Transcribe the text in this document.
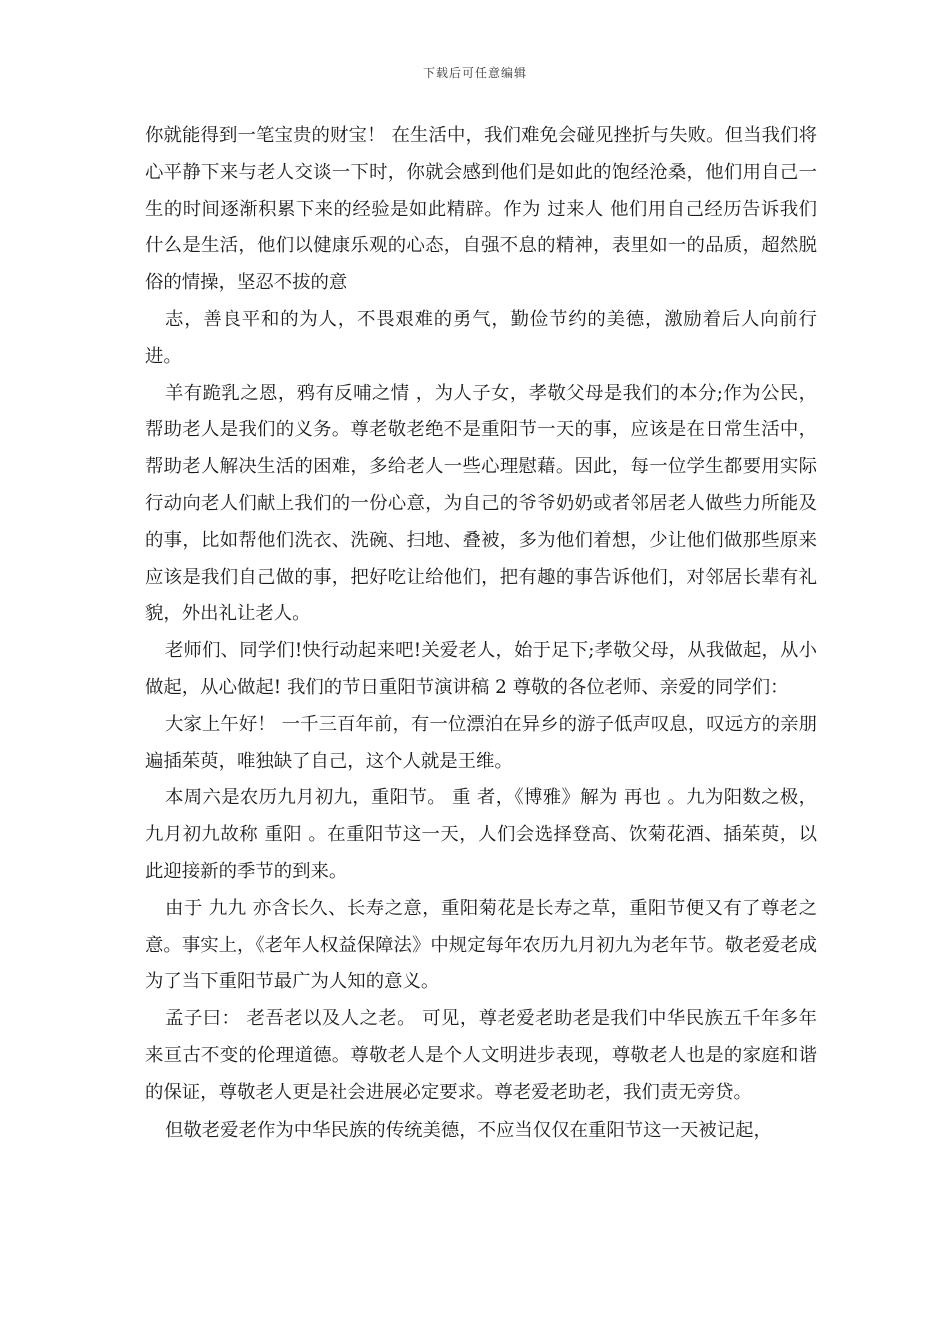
下载后可任意编辑

你就能得到一笔宝贵的财宝！ 在生活中，我们难免会碰见挫折与失败。但当我们将心平静下来与老人交谈一下时，你就会感到他们是如此的饱经沧桑，他们用自己一生的时间逐渐积累下来的经验是如此精辟。作为 过来人 他们用自己经历告诉我们什么是生活，他们以健康乐观的心态，自强不息的精神，表里如一的品质，超然脱俗的情操，坚忍不拔的意

志，善良平和的为人，不畏艰难的勇气，勤俭节约的美德，激励着后人向前行进。

羊有跪乳之恩，鸦有反哺之情 ，为人子女，孝敬父母是我们的本分;作为公民，帮助老人是我们的义务。尊老敬老绝不是重阳节一天的事，应该是在日常生活中，帮助老人解决生活的困难，多给老人一些心理慰藉。因此，每一位学生都要用实际行动向老人们献上我们的一份心意，为自己的爷爷奶奶或者邻居老人做些力所能及的事，比如帮他们洗衣、洗碗、扫地、叠被，多为他们着想，少让他们做那些原来应该是我们自己做的事，把好吃让给他们，把有趣的事告诉他们，对邻居长辈有礼貌，外出礼让老人。

老师们、同学们!快行动起来吧!关爱老人，始于足下;孝敬父母，从我做起，从小做起，从心做起! 我们的节日重阳节演讲稿 2 尊敬的各位老师、亲爱的同学们：

大家上午好！ 一千三百年前，有一位漂泊在异乡的游子低声叹息，叹远方的亲朋遍插茱萸，唯独缺了自己，这个人就是王维。

本周六是农历九月初九，重阳节。 重 者，《博雅》解为 再也 。九为阳数之极，九月初九故称 重阳 。在重阳节这一天，人们会选择登高、饮菊花酒、插茱萸，以此迎接新的季节的到来。

由于 九九 亦含长久、长寿之意，重阳菊花是长寿之草，重阳节便又有了尊老之意。事实上，《老年人权益保障法》中规定每年农历九月初九为老年节。敬老爱老成为了当下重阳节最广为人知的意义。

孟子曰： 老吾老以及人之老。 可见，尊老爱老助老是我们中华民族五千年多年来亘古不变的伦理道德。尊敬老人是个人文明进步表现，尊敬老人也是的家庭和谐的保证，尊敬老人更是社会进展必定要求。尊老爱老助老，我们责无旁贷。

但敬老爱老作为中华民族的传统美德，不应当仅仅在重阳节这一天被记起，
